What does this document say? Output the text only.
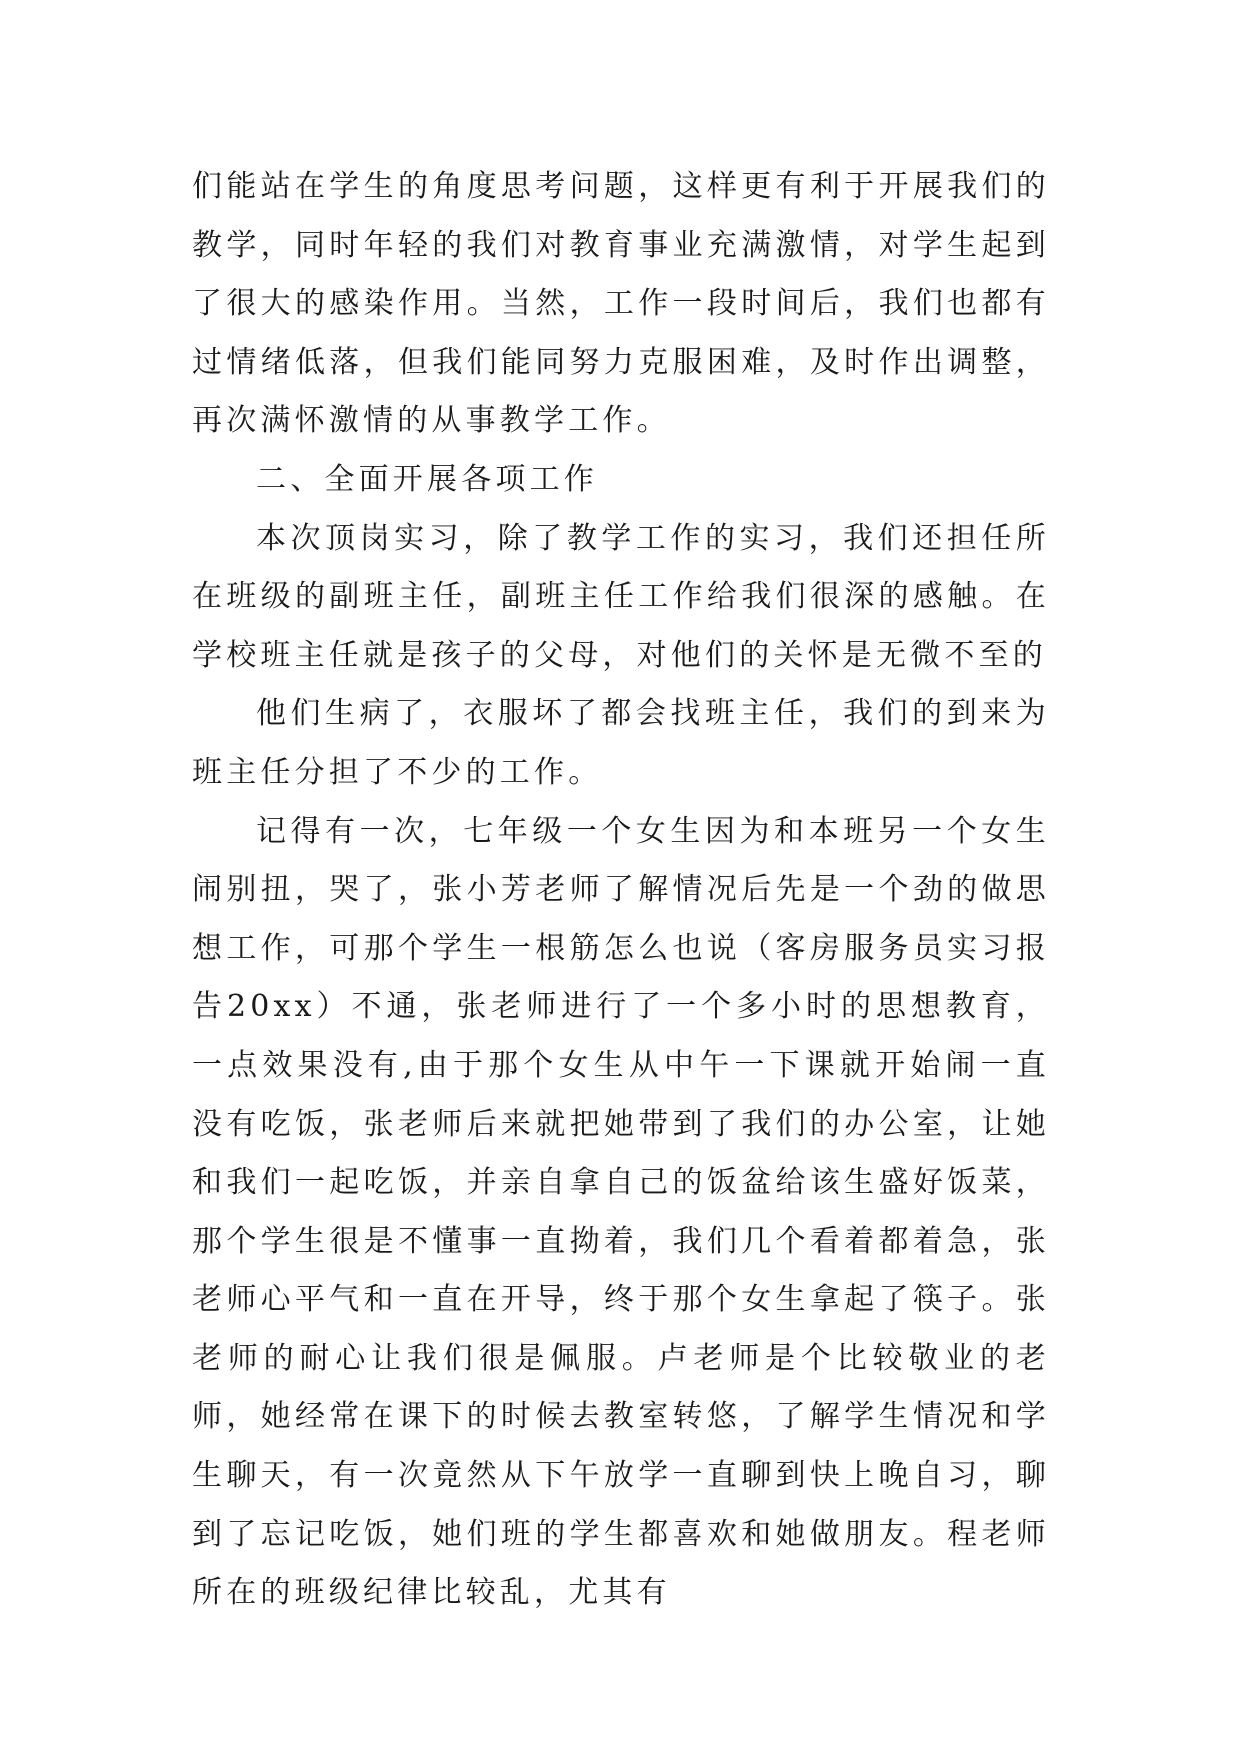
们能站在学生的角度思考问题，这样更有利于开展我们的教学，同时年轻的我们对教育事业充满激情，对学生起到了很大的感染作用。当然，工作一段时间后，我们也都有过情绪低落，但我们能同努力克服困难，及时作出调整，再次满怀激情的从事教学工作。

二、全面开展各项工作

本次顶岗实习，除了教学工作的实习，我们还担任所在班级的副班主任，副班主任工作给我们很深的感触。在学校班主任就是孩子的父母，对他们的关怀是无微不至的

他们生病了，衣服坏了都会找班主任，我们的到来为班主任分担了不少的工作。

记得有一次，七年级一个女生因为和本班另一个女生闹别扭，哭了，张小芳老师了解情况后先是一个劲的做思想工作，可那个学生一根筋怎么也说（客房服务员实习报告20xx）不通，张老师进行了一个多小时的思想教育，一点效果没有,由于那个女生从中午一下课就开始闹一直没有吃饭，张老师后来就把她带到了我们的办公室，让她和我们一起吃饭，并亲自拿自己的饭盆给该生盛好饭菜，那个学生很是不懂事一直拗着，我们几个看着都着急，张老师心平气和一直在开导，终于那个女生拿起了筷子。张老师的耐心让我们很是佩服。卢老师是个比较敬业的老师，她经常在课下的时候去教室转悠，了解学生情况和学生聊天，有一次竟然从下午放学一直聊到快上晚自习，聊到了忘记吃饭，她们班的学生都喜欢和她做朋友。程老师所在的班级纪律比较乱，尤其有
